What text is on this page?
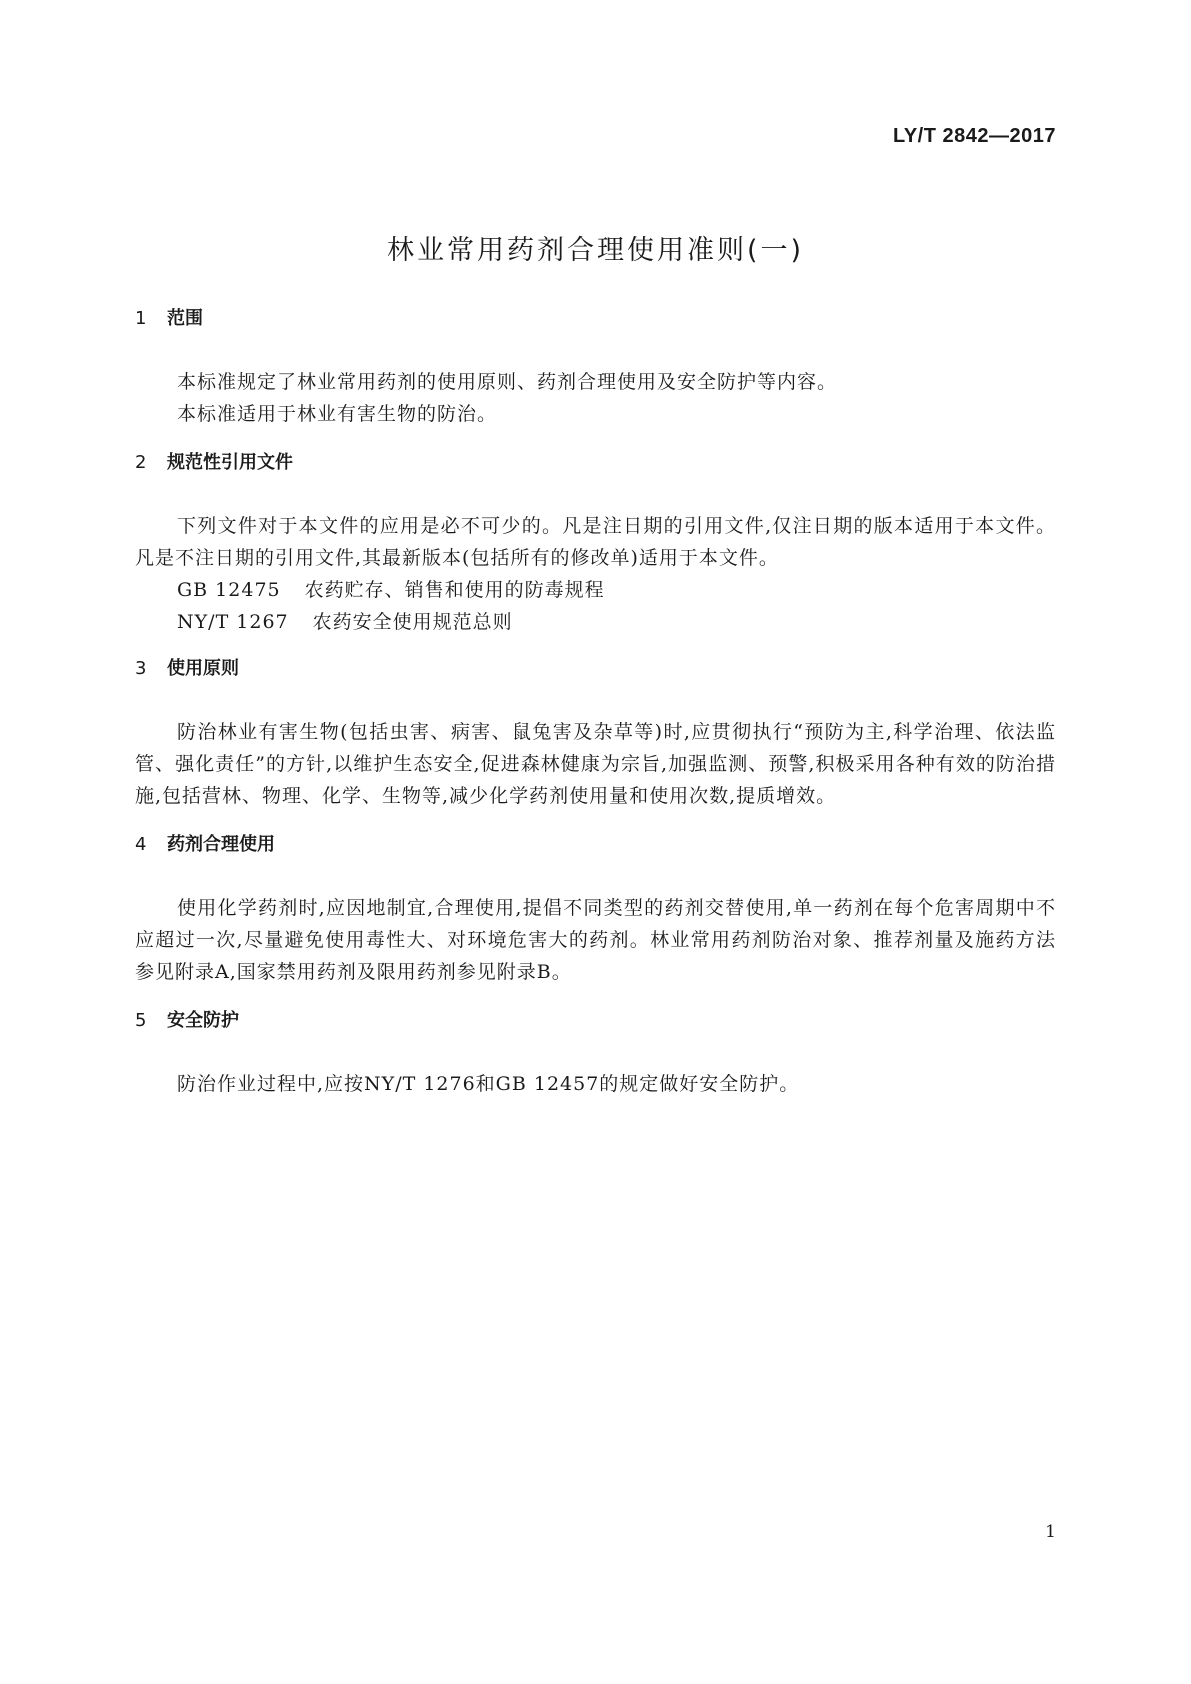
LY/T 2842—2017

林业常用药剂合理使用准则(一)
1 范围

本标准规定了林业常用药剂的使用原则、药剂合理使用及安全防护等内容。

本标准适用于林业有害生物的防治。

2 规范性引用文件

下列文件对于本文件的应用是必不可少的。凡是注日期的引用文件,仅注日期的版本适用于本文件。凡是不注日期的引用文件,其最新版本(包括所有的修改单)适用于本文件。

GB 12475 农药贮存、销售和使用的防毒规程

NY/T 1267 农药安全使用规范总则

3 使用原则

防治林业有害生物(包括虫害、病害、鼠兔害及杂草等)时,应贯彻执行“预防为主,科学治理、依法监管、强化责任”的方针,以维护生态安全,促进森林健康为宗旨,加强监测、预警,积极采用各种有效的防治措施,包括营林、物理、化学、生物等,减少化学药剂使用量和使用次数,提质增效。

4 药剂合理使用

使用化学药剂时,应因地制宜,合理使用,提倡不同类型的药剂交替使用,单一药剂在每个危害周期中不应超过一次,尽量避免使用毒性大、对环境危害大的药剂。林业常用药剂防治对象、推荐剂量及施药方法参见附录A,国家禁用药剂及限用药剂参见附录B。

5 安全防护

防治作业过程中,应按NY/T 1276和GB 12457的规定做好安全防护。

1
